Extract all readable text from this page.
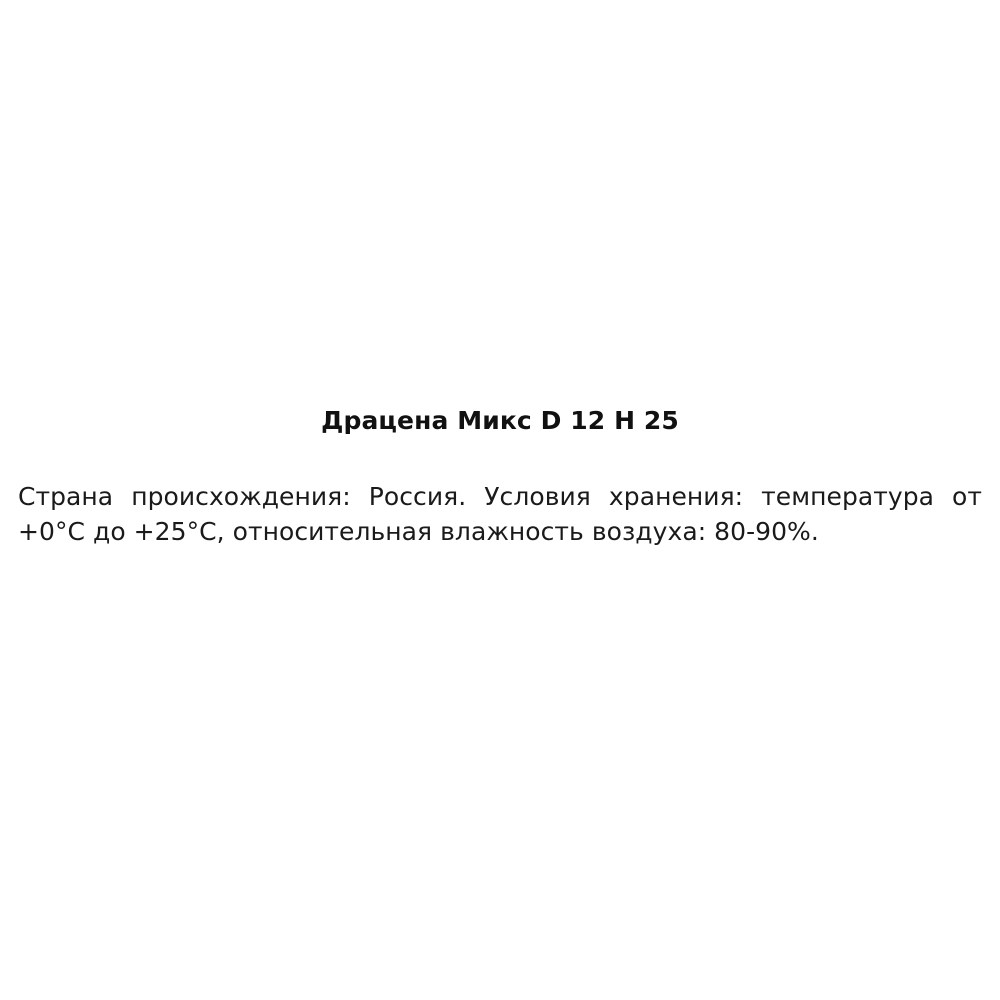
Драцена Микс D 12 H 25

Страна происхождения: Россия. Условия хранения: температура от +0°C до +25°C, относительная влажность воздуха: 80-90%.
